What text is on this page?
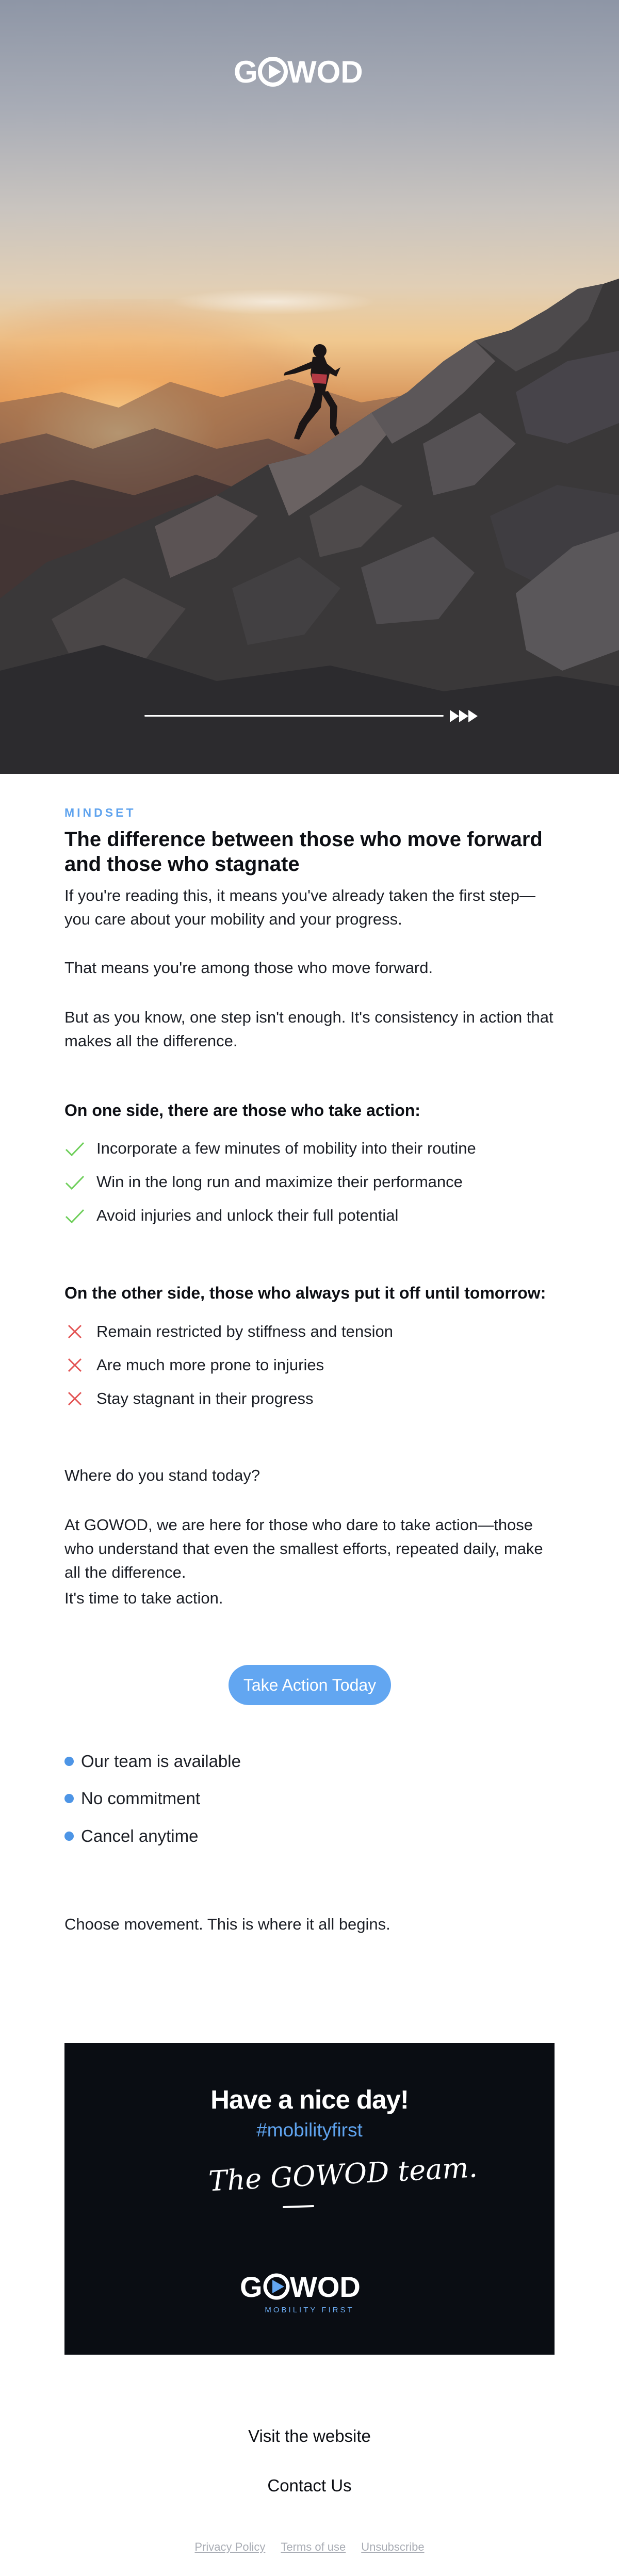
G WOD
MINDSET
The difference between those who move forward and those who stagnate
If you're reading this, it means you've already taken the first step—you care about your mobility and your progress.
That means you're among those who move forward.
But as you know, one step isn't enough. It's consistency in action that makes all the difference.
On one side, there are those who take action:
Incorporate a few minutes of mobility into their routine
Win in the long run and maximize their performance
Avoid injuries and unlock their full potential
On the other side, those who always put it off until tomorrow:
Remain restricted by stiffness and tension
Are much more prone to injuries
Stay stagnant in their progress
Where do you stand today?
At GOWOD, we are here for those who dare to take action—those who understand that even the smallest efforts, repeated daily, make all the difference.
It's time to take action.
Take Action Today
Our team is available
No commitment
Cancel anytime
Choose movement. This is where it all begins.
Have a nice day!
#mobilityfirst
The GOWOD team.
G WOD
MOBILITY FIRST
Visit the website
Contact Us
Privacy Policy Terms of use Unsubscribe
